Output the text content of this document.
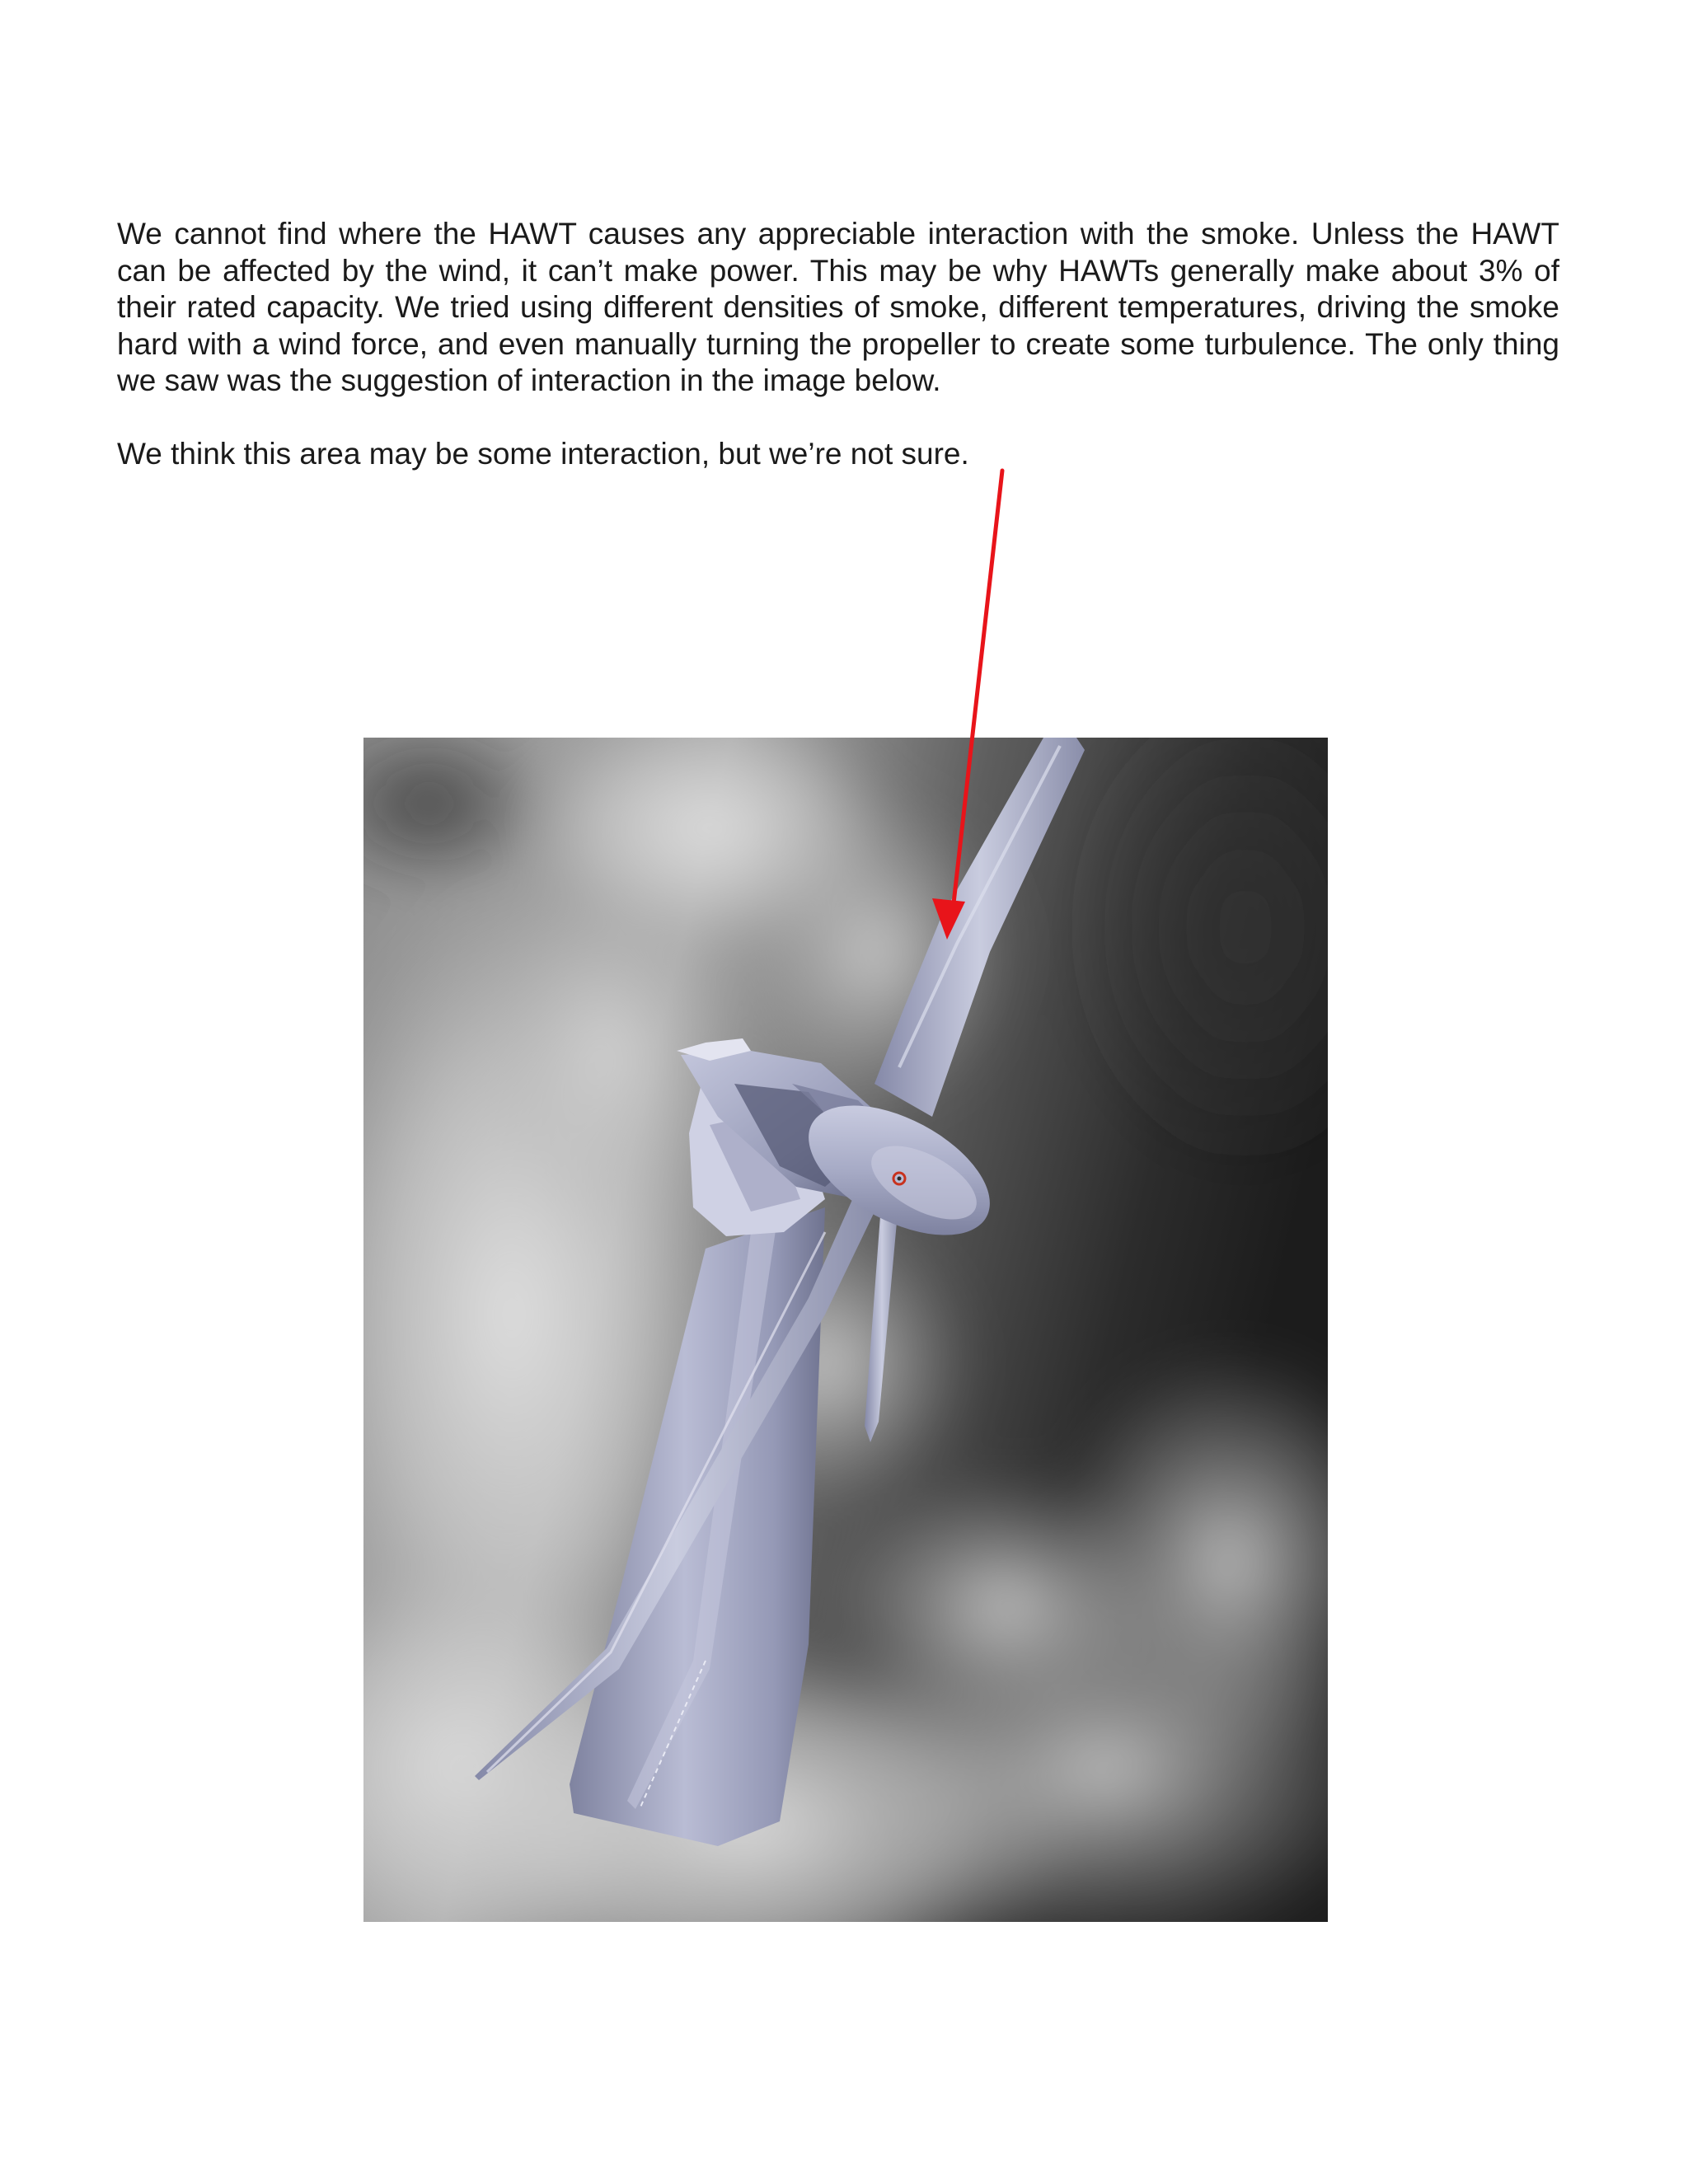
We cannot find where the HAWT causes any appreciable interaction with the smoke. Unless the HAWT can be affected by the wind, it can’t make power. This may be why HAWTs generally make about 3% of their rated capacity. We tried using different densities of smoke, different temperatures, driving the smoke hard with a wind force, and even manually turning the propeller to create some turbulence. The only thing we saw was the suggestion of interaction in the image below.

We think this area may be some interaction, but we’re not sure.
